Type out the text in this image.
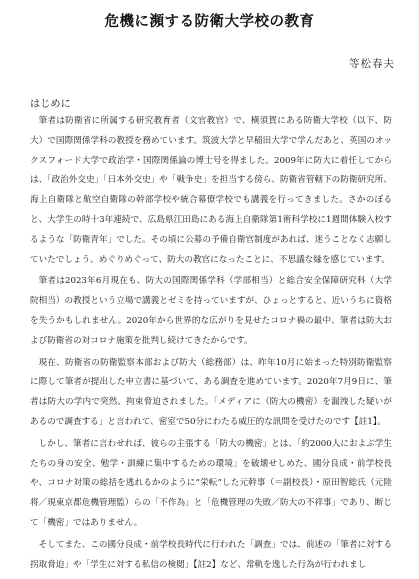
危機に瀕する防衛大学校の教育
等松春夫
はじめに

筆者は防衛省に所属する研究教育者（文官教官）で、横須賀にある防衛大学校（以下、防大）で国際関係学科の教授を務めています。筑波大学と早稲田大学で学んだあと、英国のオックスフォード大学で政治学・国際関係論の博士号を得ました。2009年に防大に着任してからは、「政治外交史」「日本外交史」や「戦争史」を担当する傍ら、防衛省管轄下の防衛研究所、海上自衛隊と航空自衛隊の幹部学校や統合幕僚学校でも講義を行ってきました。さかのぼると、大学生の時十3年連続で、広島県江田島にある海上自衛隊第1術科学校に1週間体験入校するような「防衛青年」でした。その頃に公募の予備自衛官制度があれば、迷うことなく志願していたでしょう。めぐりめぐって、防大の教官になったことに、不思議な縁を感じています。

筆者は2023年6月現在も、防大の国際関係学科（学部相当）と総合安全保障研究科（大学院相当）の教授という立場で講義とゼミを持っていますが、ひょっとすると、近いうちに資格を失うかもしれません。2020年から世界的な広がりを見せたコロナ禍の最中、筆者は防大および防衛省の対コロナ施策を批判し続けてきたからです。

現在、防衛省の防衛監察本部および防大（総務部）は、昨年10月に始まった特別防衛監察に際して筆者が提出した申立書に基づいて、ある調査を進めています。2020年7月9日に、筆者は防大の学内で突然、拘束脅迫されました。「メディアに（防大の機密）を漏洩した疑いがあるので調査する」と言われて、密室で50分にわたる威圧的な訊問を受けたのです【註1】。

しかし、筆者に言わせれば、彼らの主張する「防大の機密」とは、「約2000人におよぶ学生たちの身の安全、勉学・訓練に集中するための環境」を破壊せしめた、國分良成・前学校長や、コロナ対策の総括を逃れるかのように“栄転”した元幹事（＝副校長）・原田智総氏（元陸将／現東京都危機管理監）らの「不作為」と「危機管理の失敗／防大の不祥事」であり、断じて「機密」ではありません。

そしてまた、この國分良成・前学校長時代に行われた「調査」では、前述の「筆者に対する拐取脅迫」や「学生に対する私信の検閲」【註2】など、常軌を逸した行為が行われまし
